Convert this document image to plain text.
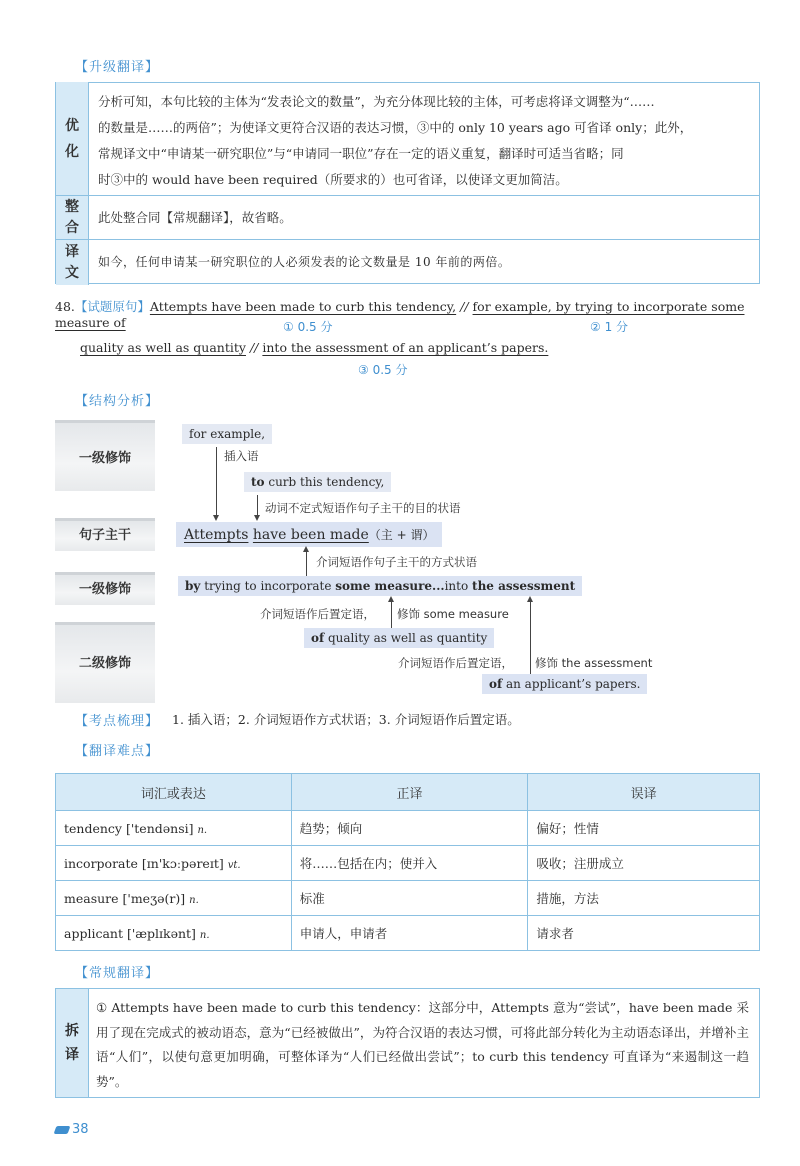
【升级翻译】
优
化
分析可知，本句比较的主体为“发表论文的数量”，为充分体现比较的主体，可考虑将译文调整为“……
的数量是……的两倍”；为使译文更符合汉语的表达习惯，③中的 only 10 years ago 可省译 only；此外，
常规译文中“申请某一研究职位”与“申请同一职位”存在一定的语义重复，翻译时可适当省略；同
时③中的 would have been required（所要求的）也可省译，以使译文更加简洁。
整
合
此处整合同【常规翻译】，故省略。
译
文
如今，任何申请某一研究职位的人必须发表的论文数量是 10 年前的两倍。
48.【试题原句】Attempts have been made to curb this tendency, // for example, by trying to incorporate some measure of	① 0.5 分	② 1 分
quality as well as quantity // into the assessment of an applicant’s papers.
③ 0.5 分
【结构分析】
一级修饰
句子主干
一级修饰
二级修饰
for example,
插入语
to curb this tendency,
动词不定式短语作句子主干的目的状语
Attempts have been made（主 + 谓）
介词短语作句子主干的方式状语
by trying to incorporate some measure...into the assessment
介词短语作后置定语， 修饰 some measure
of quality as well as quantity
介词短语作后置定语， 修饰 the assessment
of an applicant’s papers.
【考点梳理】 1. 插入语；2. 介词短语作方式状语；3. 介词短语作后置定语。
【翻译难点】
词汇或表达	正译	误译
tendency ['tendənsi] n.	趋势；倾向	偏好；性情
incorporate [ɪn'kɔːpəreɪt] vt.	将……包括在内；使并入	吸收；注册成立
measure ['meʒə(r)] n.	标准	措施，方法
applicant ['æplɪkənt] n.	申请人，申请者	请求者
【常规翻译】
拆
译
① Attempts have been made to curb this tendency：这部分中，Attempts 意为“尝试”，have been made 采用了现在完成式的被动语态，意为“已经被做出”，为符合汉语的表达习惯，可将此部分转化为主动语态译出，并增补主语“人们”，以使句意更加明确，可整体译为“人们已经做出尝试”；to curb this tendency 可直译为“来遏制这一趋势”。
38
